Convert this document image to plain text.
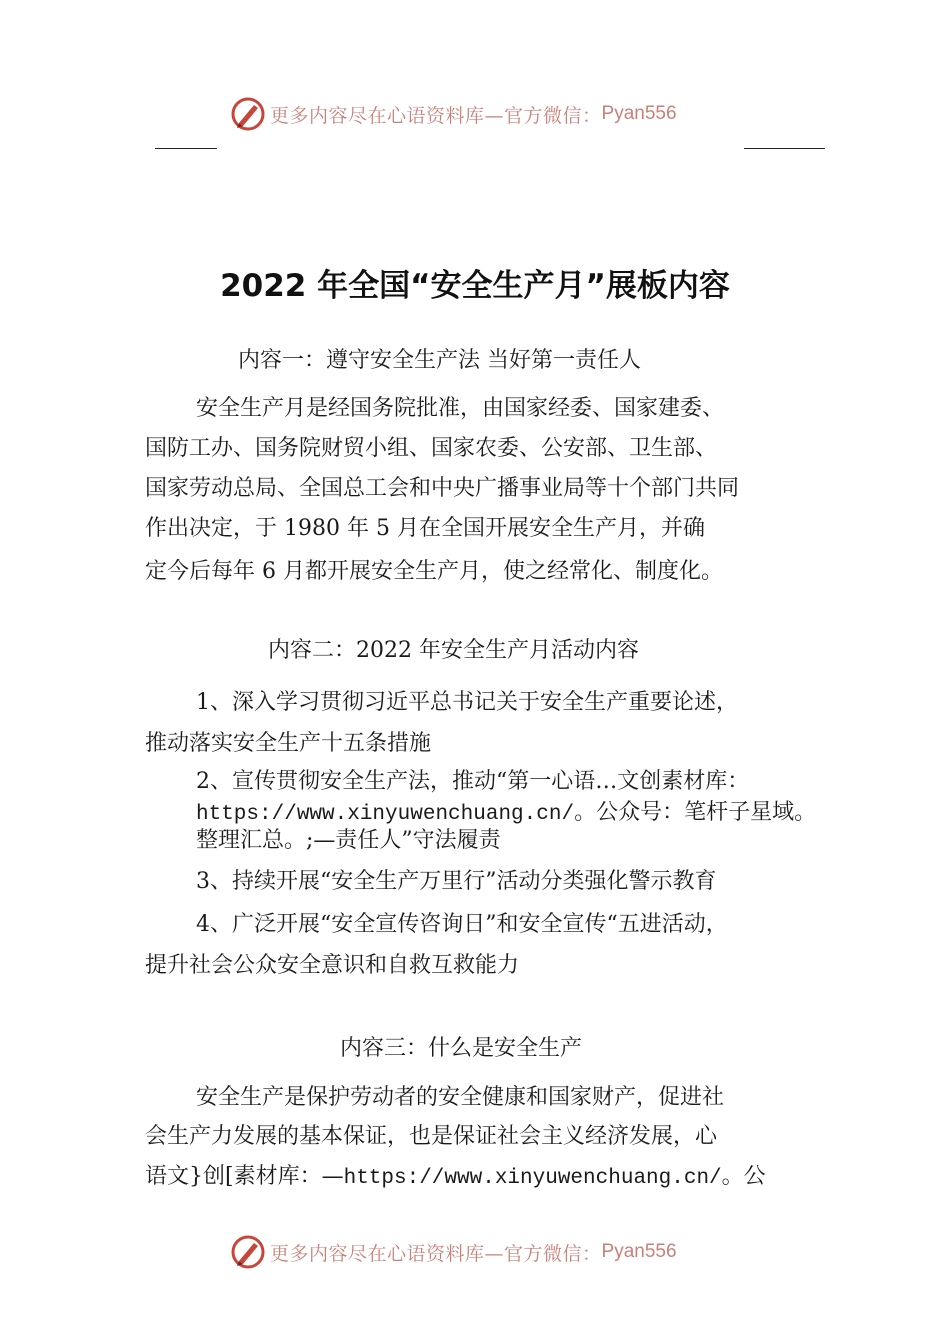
更多内容尽在心语资料库—官方微信： Pyan556
2022 年全国“安全生产月”展板内容
内容一：遵守安全生产法 当好第一责任人
安全生产月是经国务院批准，由国家经委、国家建委、
国防工办、国务院财贸小组、国家农委、公安部、卫生部、
国家劳动总局、全国总工会和中央广播事业局等十个部门共同
作出决定，于 1980 年 5 月在全国开展安全生产月，并确
定今后每年 6 月都开展安全生产月，使之经常化、制度化。
内容二：2022 年安全生产月活动内容
1、深入学习贯彻习近平总书记关于安全生产重要论述，
推动落实安全生产十五条措施
2、宣传贯彻安全生产法，推动“第一心语…文创素材库：
https://www.xinyuwenchuang.cn/。公众号：笔杆子星域。
整理汇总。;—责任人”守法履责
3、持续开展“安全生产万里行”活动分类强化警示教育
4、广泛开展“安全宣传咨询日”和安全宣传“五进活动，
提升社会公众安全意识和自救互救能力
内容三：什么是安全生产
安全生产是保护劳动者的安全健康和国家财产，促进社
会生产力发展的基本保证，也是保证社会主义经济发展，心
语文}创[素材库：—https://www.xinyuwenchuang.cn/。公
更多内容尽在心语资料库—官方微信： Pyan556
